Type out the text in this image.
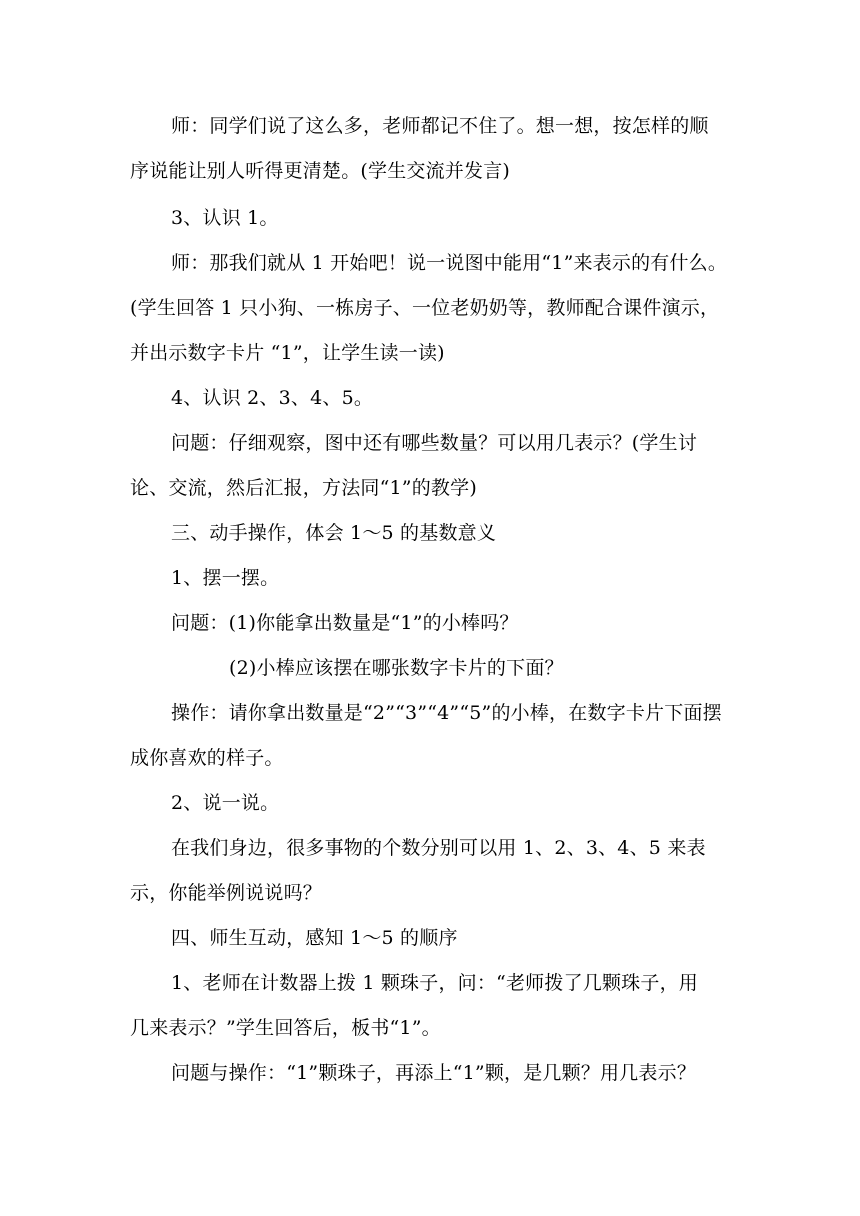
师：同学们说了这么多，老师都记不住了。想一想，按怎样的顺
序说能让别人听得更清楚。(学生交流并发言)
3、认识 1。
师：那我们就从 1 开始吧！说一说图中能用“1”来表示的有什么。
(学生回答 1 只小狗、一栋房子、一位老奶奶等，教师配合课件演示，
并出示数字卡片 “1”，让学生读一读)
4、认识 2、3、4、5。
问题：仔细观察，图中还有哪些数量？可以用几表示？(学生讨
论、交流，然后汇报，方法同“1”的教学)
三、动手操作，体会 1～5 的基数意义
1、摆一摆。
问题：(1)你能拿出数量是“1”的小棒吗？
(2)小棒应该摆在哪张数字卡片的下面？
操作：请你拿出数量是“2”“3”“4”“5”的小棒，在数字卡片下面摆
成你喜欢的样子。
2、说一说。
在我们身边，很多事物的个数分别可以用 1、2、3、4、5 来表
示，你能举例说说吗？
四、师生互动，感知 1～5 的顺序
1、老师在计数器上拨 1 颗珠子，问：“老师拨了几颗珠子，用
几来表示？”学生回答后，板书“1”。
问题与操作：“1”颗珠子，再添上“1”颗，是几颗？用几表示？
